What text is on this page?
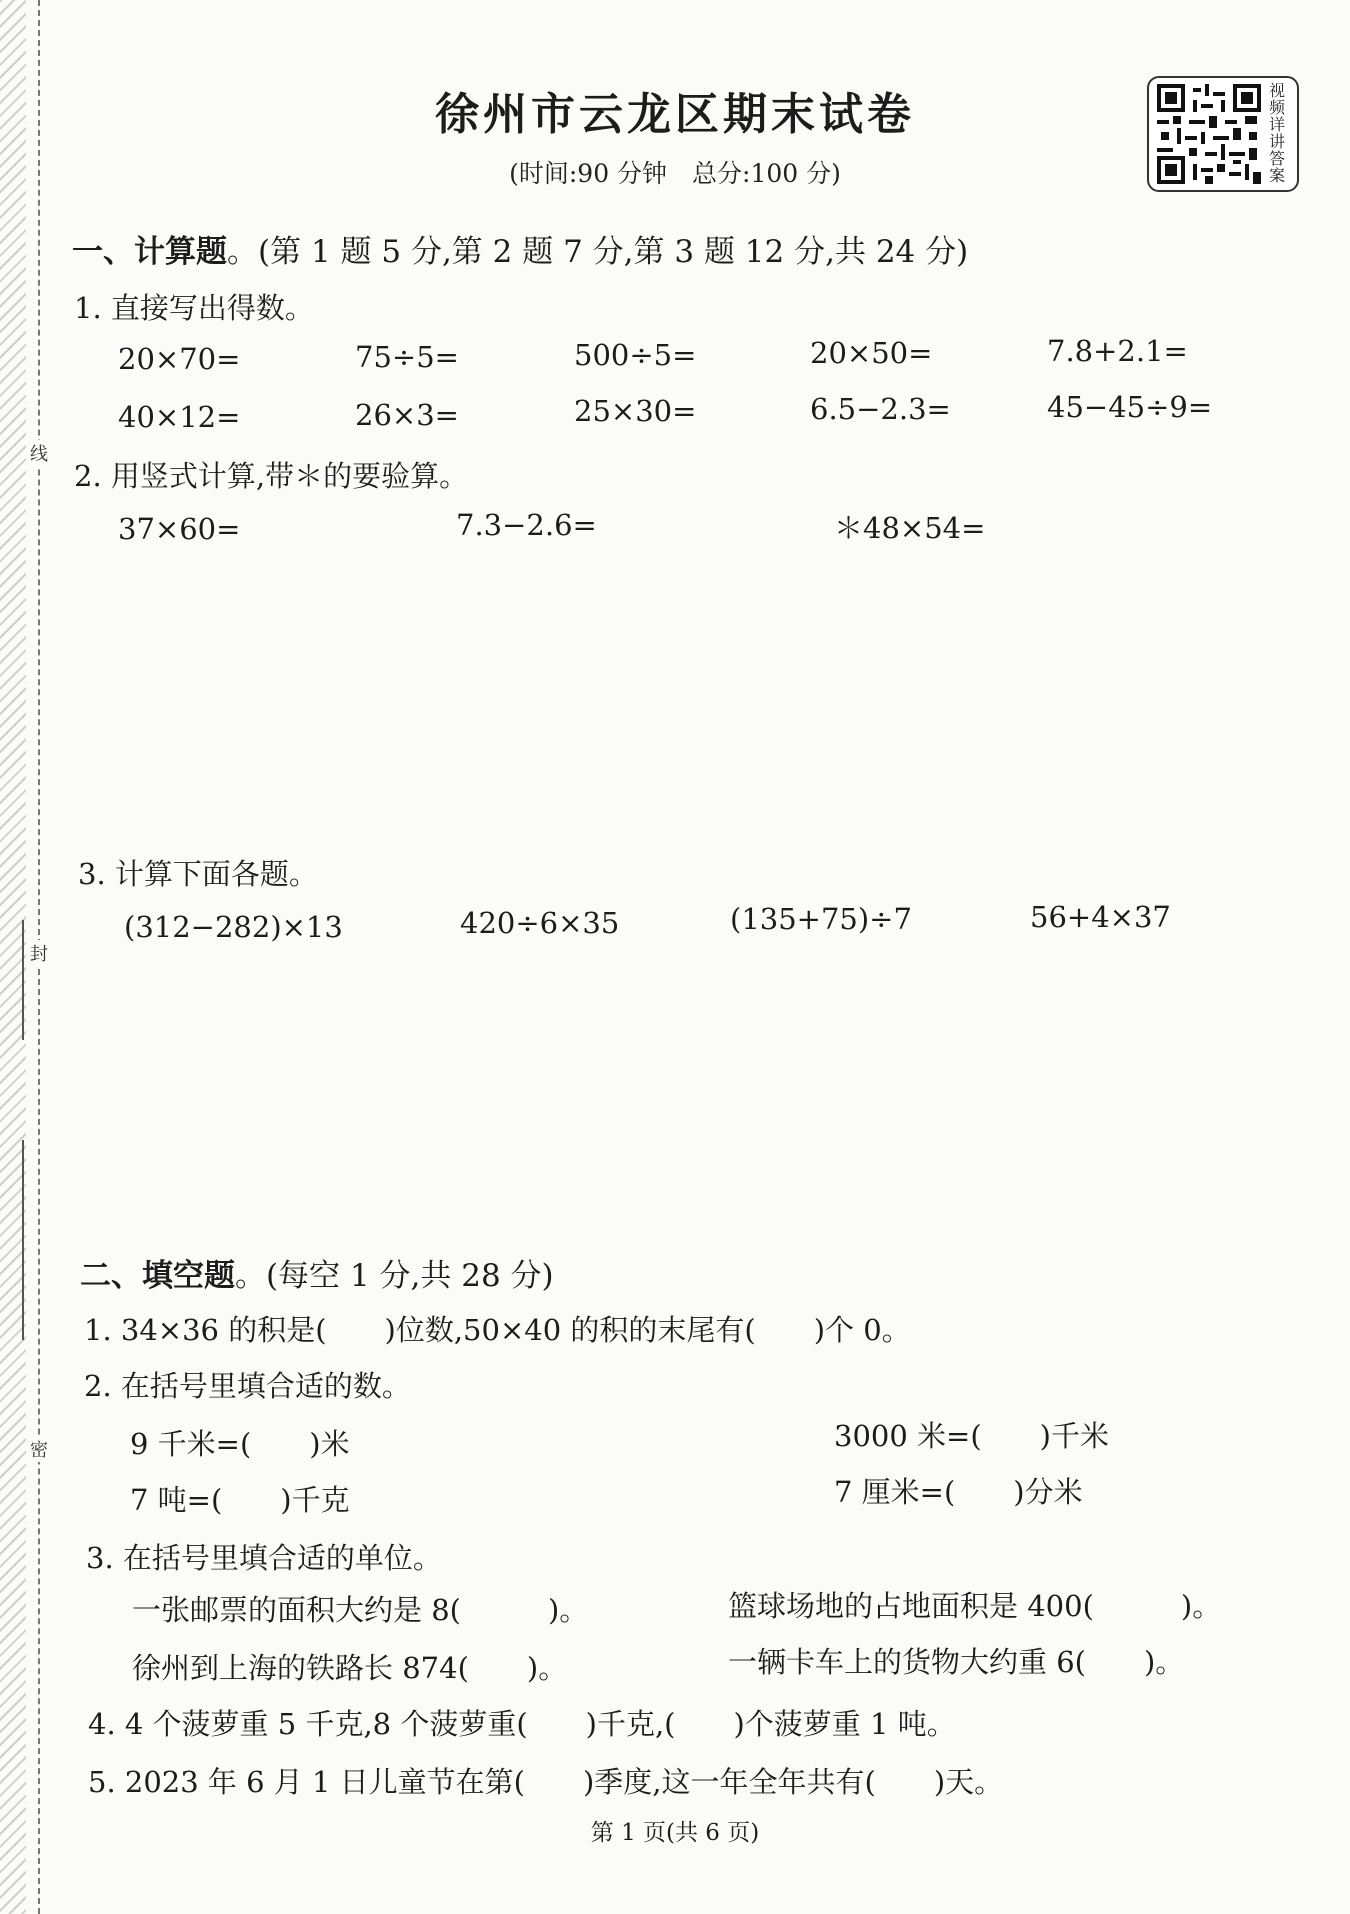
线
封
密
徐州市云龙区期末试卷
(时间:90 分钟　总分:100 分)
视频详讲答案
一、计算题。(第 1 题 5 分,第 2 题 7 分,第 3 题 12 分,共 24 分)
1. 直接写出得数。
20×70=	75÷5=	500÷5=	20×50=	7.8+2.1=
40×12=	26×3=	25×30=	6.5−2.3=	45−45÷9=
2. 用竖式计算,带＊的要验算。
37×60=	7.3−2.6=	＊48×54=
3. 计算下面各题。
(312−282)×13	420÷6×35	(135+75)÷7	56+4×37
二、填空题。(每空 1 分,共 28 分)
1. 34×36 的积是(　　)位数,50×40 的积的末尾有(　　)个 0。
2. 在括号里填合适的数。
9 千米=(　　)米	3000 米=(　　)千米
7 吨=(　　)千克	7 厘米=(　　)分米
3. 在括号里填合适的单位。
一张邮票的面积大约是 8(　　　)。	篮球场地的占地面积是 400(　　　)。
徐州到上海的铁路长 874(　　)。	一辆卡车上的货物大约重 6(　　)。
4. 4 个菠萝重 5 千克,8 个菠萝重(　　)千克,(　　)个菠萝重 1 吨。
5. 2023 年 6 月 1 日儿童节在第(　　)季度,这一年全年共有(　　)天。
第 1 页(共 6 页)
